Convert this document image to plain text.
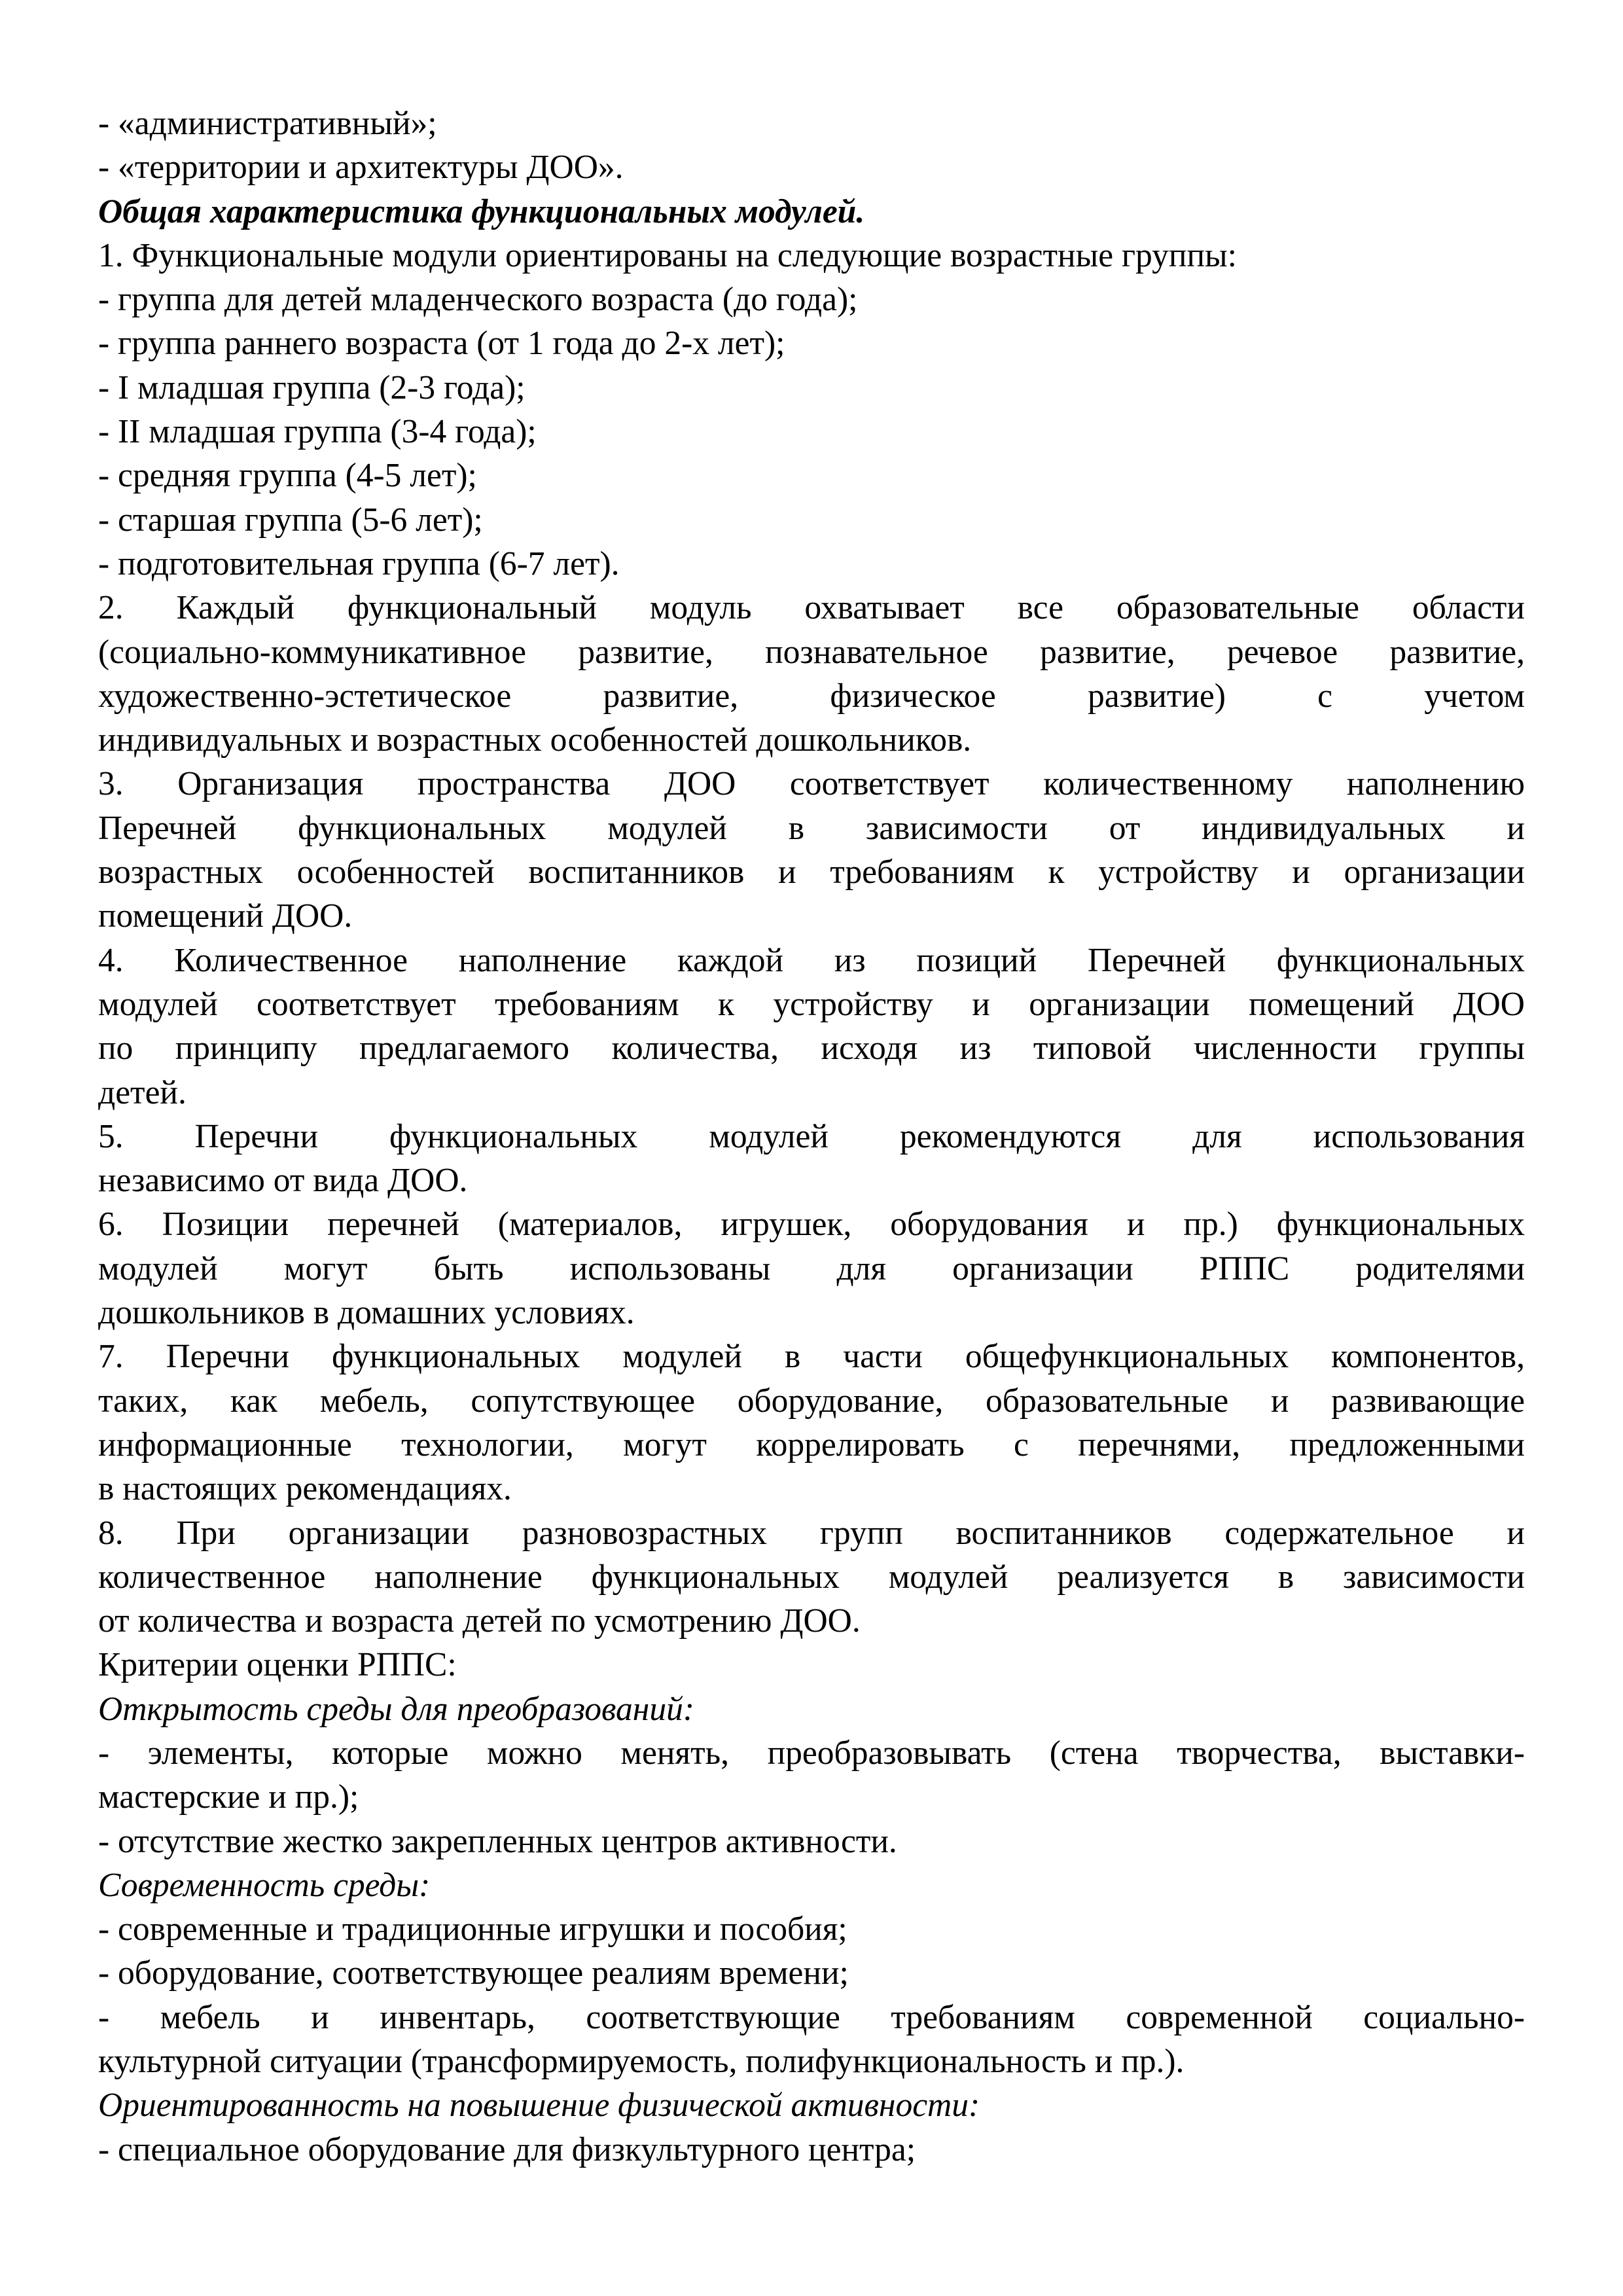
- «административный»;
- «территории и архитектуры ДОО».
Общая характеристика функциональных модулей.
1. Функциональные модули ориентированы на следующие возрастные группы:
- группа для детей младенческого возраста (до года);
- группа раннего возраста (от 1 года до 2-х лет);
- I младшая группа (2-3 года);
- II младшая группа (3-4 года);
- средняя группа (4-5 лет);
- старшая группа (5-6 лет);
- подготовительная группа (6-7 лет).
2. Каждый функциональный модуль охватывает все образовательные области
(социально-коммуникативное развитие, познавательное развитие, речевое развитие,
художественно-эстетическое развитие, физическое развитие) с учетом
индивидуальных и возрастных особенностей дошкольников.
3. Организация пространства ДОО соответствует количественному наполнению
Перечней функциональных модулей в зависимости от индивидуальных и
возрастных особенностей воспитанников и требованиям к устройству и организации
помещений ДОО.
4. Количественное наполнение каждой из позиций Перечней функциональных
модулей соответствует требованиям к устройству и организации помещений ДОО
по принципу предлагаемого количества, исходя из типовой численности группы
детей.
5. Перечни функциональных модулей рекомендуются для использования
независимо от вида ДОО.
6. Позиции перечней (материалов, игрушек, оборудования и пр.) функциональных
модулей могут быть использованы для организации РППС родителями
дошкольников в домашних условиях.
7. Перечни функциональных модулей в части общефункциональных компонентов,
таких, как мебель, сопутствующее оборудование, образовательные и развивающие
информационные технологии, могут коррелировать с перечнями, предложенными
в настоящих рекомендациях.
8. При организации разновозрастных групп воспитанников содержательное и
количественное наполнение функциональных модулей реализуется в зависимости
от количества и возраста детей по усмотрению ДОО.
Критерии оценки РППС:
Открытость среды для преобразований:
- элементы, которые можно менять, преобразовывать (стена творчества, выставки-
мастерские и пр.);
- отсутствие жестко закрепленных центров активности.
Современность среды:
- современные и традиционные игрушки и пособия;
- оборудование, соответствующее реалиям времени;
- мебель и инвентарь, соответствующие требованиям современной социально-
культурной ситуации (трансформируемость, полифункциональность и пр.).
Ориентированность на повышение физической активности:
- специальное оборудование для физкультурного центра;
